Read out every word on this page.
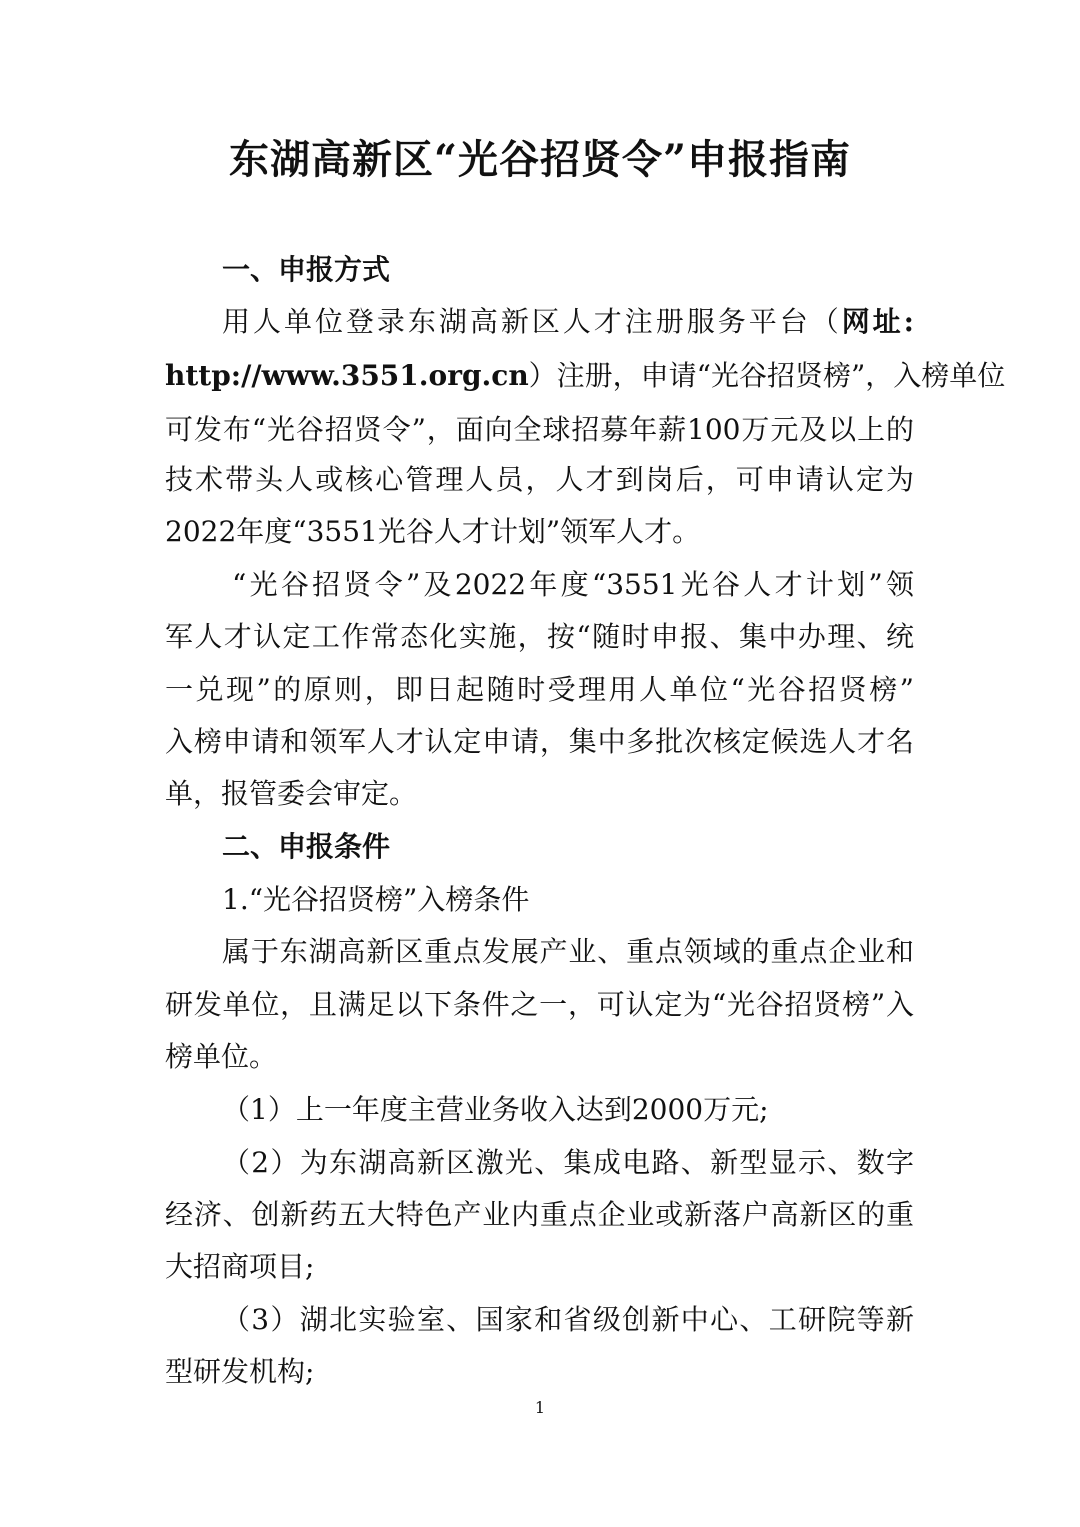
东湖高新区“光谷招贤令”申报指南
一、申报方式
用人单位登录东湖高新区人才注册服务平台（网址:
http://www.3551.org.cn）注册，申请“光谷招贤榜”，入榜单位
可发布“光谷招贤令”，面向全球招募年薪100万元及以上的
技术带头人或核心管理人员，人才到岗后，可申请认定为
2022年度“3551光谷人才计划”领军人才。
“光谷招贤令”及2022年度“3551光谷人才计划”领
军人才认定工作常态化实施，按“随时申报、集中办理、统
一兑现”的原则，即日起随时受理用人单位“光谷招贤榜”
入榜申请和领军人才认定申请，集中多批次核定候选人才名
单，报管委会审定。
二、申报条件
1.“光谷招贤榜”入榜条件
属于东湖高新区重点发展产业、重点领域的重点企业和
研发单位，且满足以下条件之一，可认定为“光谷招贤榜”入
榜单位。
（1）上一年度主营业务收入达到2000万元;
（2）为东湖高新区激光、集成电路、新型显示、数字
经济、创新药五大特色产业内重点企业或新落户高新区的重
大招商项目;
（3）湖北实验室、国家和省级创新中心、工研院等新
型研发机构;
1
